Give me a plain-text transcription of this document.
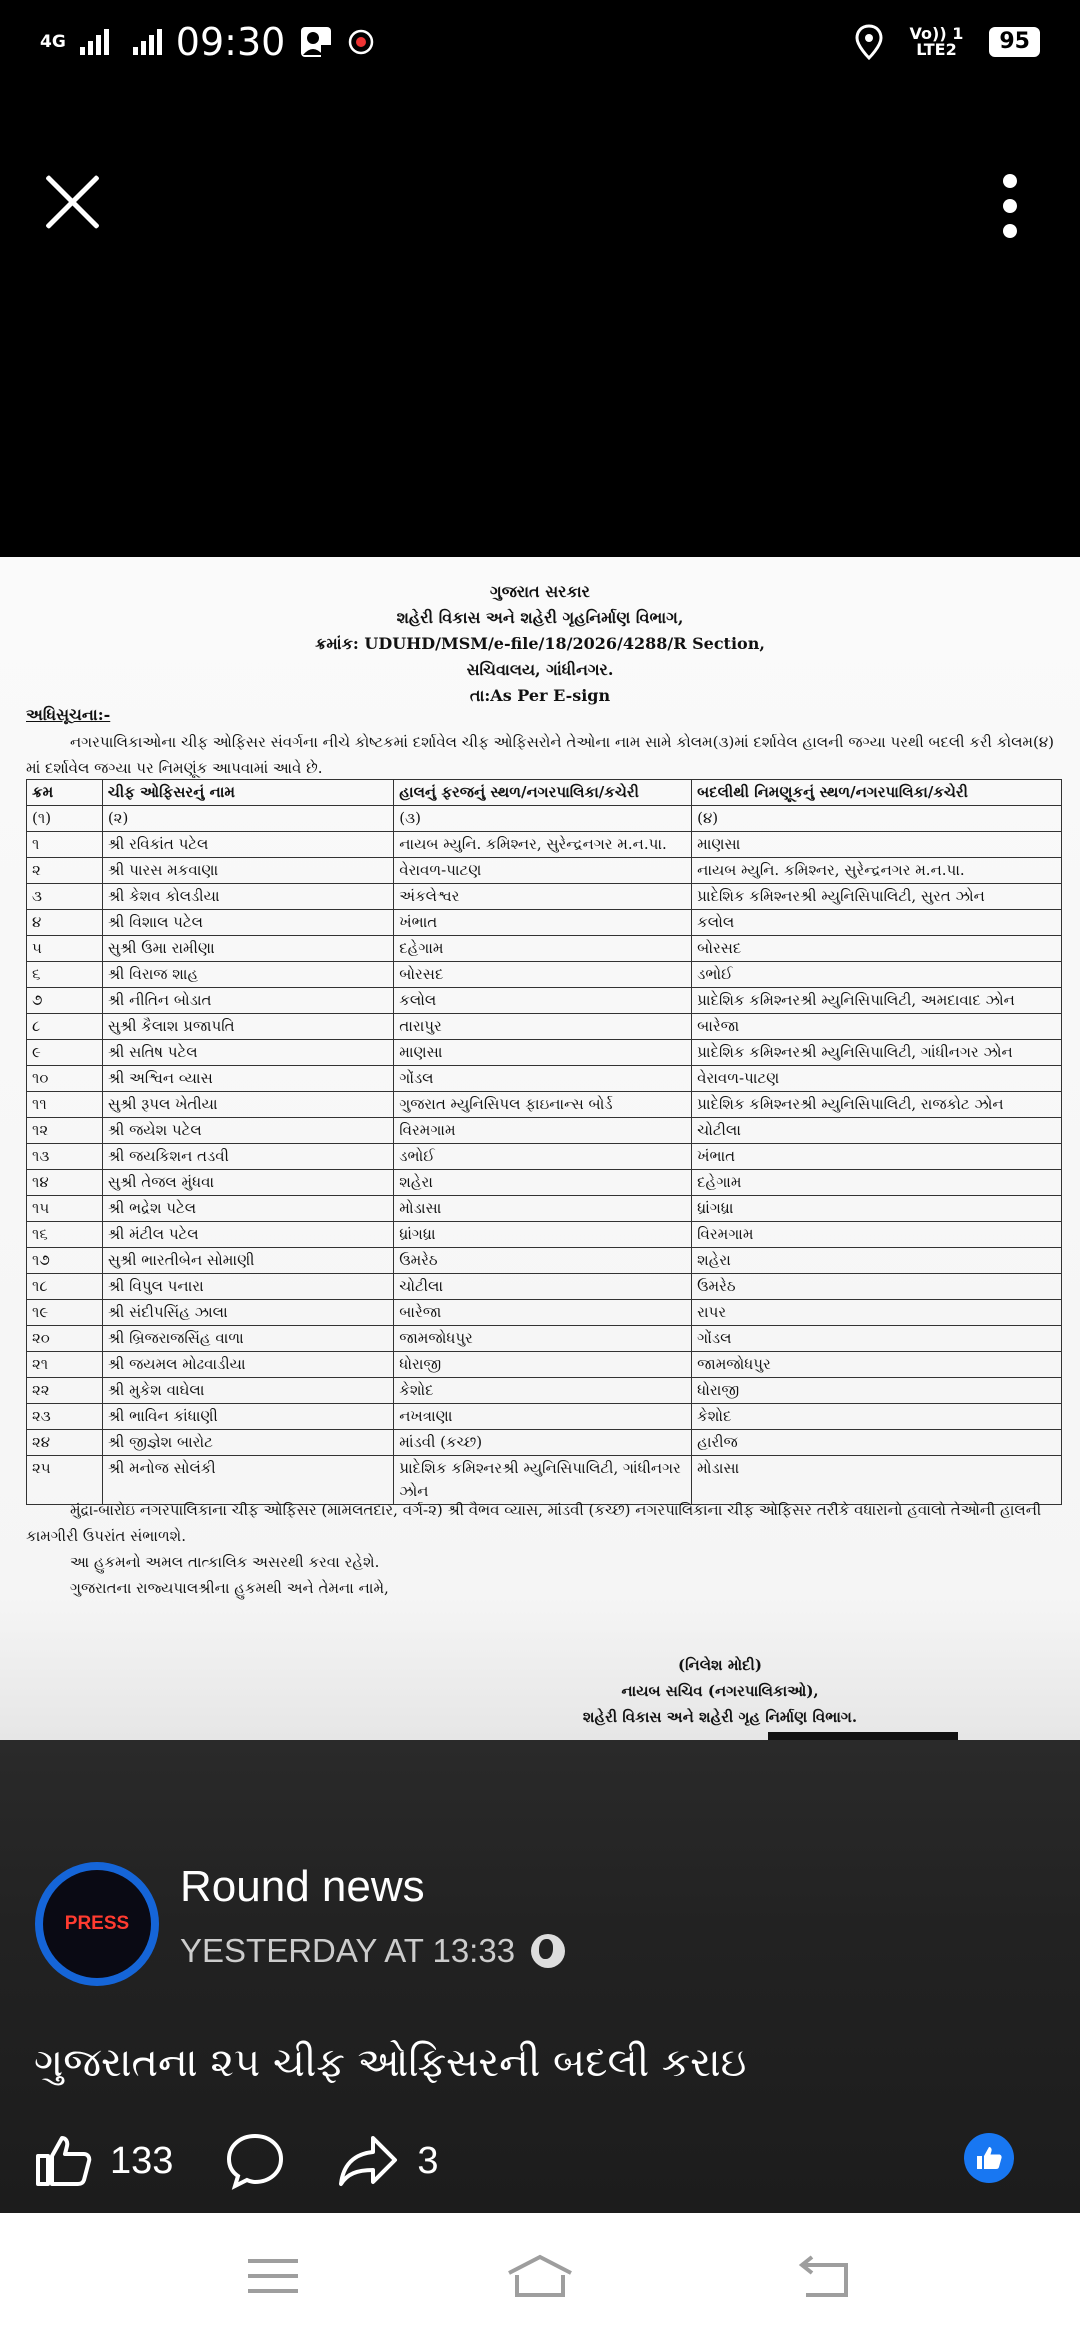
4G	09:30	Vo)) 1
LTE2	95
ગુજરાત સરકાર
શહેરી વિકાસ અને શહેરી ગૃહનિર્માણ વિભાગ,
ક્રમાંક: UDUHD/MSM/e-file/18/2026/4288/R Section,
સચિવાલય, ગાંધીનગર.
તા:As Per E-sign
અધિસૂચના:-
નગરપાલિકાઓના ચીફ ઓફિસર સંવર્ગના નીચે કોષ્ટકમાં દર્શાવેલ ચીફ ઓફિસરોને તેઓના નામ સામે કોલમ(૩)માં દર્શાવેલ હાલની જગ્યા પરથી બદલી કરી કોલમ(૪) માં દર્શાવેલ જગ્યા પર નિમણૂંક આપવામાં આવે છે.
ક્રમ	ચીફ ઓફિસરનું નામ	હાલનું ફરજનું સ્થળ/નગરપાલિકા/કચેરી	બદલીથી નિમણૂકનું સ્થળ/નગરપાલિકા/કચેરી
(૧)	(૨)	(૩)	(૪)
૧	શ્રી રવિકાંત પટેલ	નાયબ મ્યુનિ. કમિશ્નર, સુરેન્દ્રનગર મ.ન.પા.	માણસા
૨	શ્રી પારસ મકવાણા	વેરાવળ-પાટણ	નાયબ મ્યુનિ. કમિશ્નર, સુરેન્દ્રનગર મ.ન.પા.
૩	શ્રી કેશવ કોલડીયા	અંકલેશ્વર	પ્રાદેશિક કમિશ્નરશ્રી મ્યુનિસિપાલિટી, સુરત ઝોન
૪	શ્રી વિશાલ પટેલ	ખંભાત	કલોલ
૫	સુશ્રી ઉમા રામીણા	દહેગામ	બોરસદ
૬	શ્રી વિરાજ શાહ	બોરસદ	ડભોઈ
૭	શ્રી નીતિન બોડાત	કલોલ	પ્રાદેશિક કમિશ્નરશ્રી મ્યુનિસિપાલિટી, અમદાવાદ ઝોન
૮	સુશ્રી કૈલાશ પ્રજાપતિ	તારાપુર	બારેજા
૯	શ્રી સતિષ પટેલ	માણસા	પ્રાદેશિક કમિશ્નરશ્રી મ્યુનિસિપાલિટી, ગાંધીનગર ઝોન
૧૦	શ્રી અશ્વિન વ્યાસ	ગોંડલ	વેરાવળ-પાટણ
૧૧	સુશ્રી રૂપલ ખેતીયા	ગુજરાત મ્યુનિસિપલ ફાઇનાન્સ બોર્ડ	પ્રાદેશિક કમિશ્નરશ્રી મ્યુનિસિપાલિટી, રાજકોટ ઝોન
૧૨	શ્રી જયેશ પટેલ	વિરમગામ	ચોટીલા
૧૩	શ્રી જયકિશન તડવી	ડભોઈ	ખંભાત
૧૪	સુશ્રી તેજલ મુંધવા	શહેરા	દહેગામ
૧૫	શ્રી ભદ્રેશ પટેલ	મોડાસા	ધ્રાંગધ્રા
૧૬	શ્રી મંટીલ પટેલ	ધ્રાંગધ્રા	વિરમગામ
૧૭	સુશ્રી ભારતીબેન સોમાણી	ઉમરેઠ	શહેરા
૧૮	શ્રી વિપુલ પનારા	ચોટીલા	ઉમરેઠ
૧૯	શ્રી સંદીપસિંહ ઝાલા	બારેજા	રાપર
૨૦	શ્રી બ્રિજરાજસિંહ વાળા	જામજોધપુર	ગોંડલ
૨૧	શ્રી જયમલ મોઢવાડીયા	ધોરાજી	જામજોધપુર
૨૨	શ્રી મુકેશ વાઘેલા	કેશોદ	ધોરાજી
૨૩	શ્રી ભાવિન કાંધાણી	નખત્રાણા	કેશોદ
૨૪	શ્રી જીજ્ઞેશ બારોટ	માંડવી (કચ્છ)	હારીજ
૨૫	શ્રી મનોજ સોલંકી	પ્રાદેશિક કમિશ્નરશ્રી મ્યુનિસિપાલિટી, ગાંધીનગર ઝોન	મોડાસા

મુંદ્રા-બારોઇ નગરપાલિકાના ચીફ ઓફિસર (મામલતદાર, વર્ગ-૨) શ્રી વૈભવ વ્યાસ, માંડવી (કચ્છ) નગરપાલિકાના ચીફ ઓફિસર તરીકે વધારાનો હવાલો તેઓની હાલની કામગીરી ઉપરાંત સંભાળશે.

આ હુકમનો અમલ તાત્કાલિક અસરથી કરવા રહેશે.

ગુજરાતના રાજ્યપાલશ્રીના હુકમથી અને તેમના નામે,

(નિલેશ મોદી)
નાયબ સચિવ (નગરપાલિકાઓ),
શહેરી વિકાસ અને શહેરી ગૃહ નિર્માણ વિભાગ.
PRESS
Round news
YESTERDAY AT 13:33
ગુજરાતના ૨૫ ચીફ ઓફિસરની બદલી કરાઇ
133	3
